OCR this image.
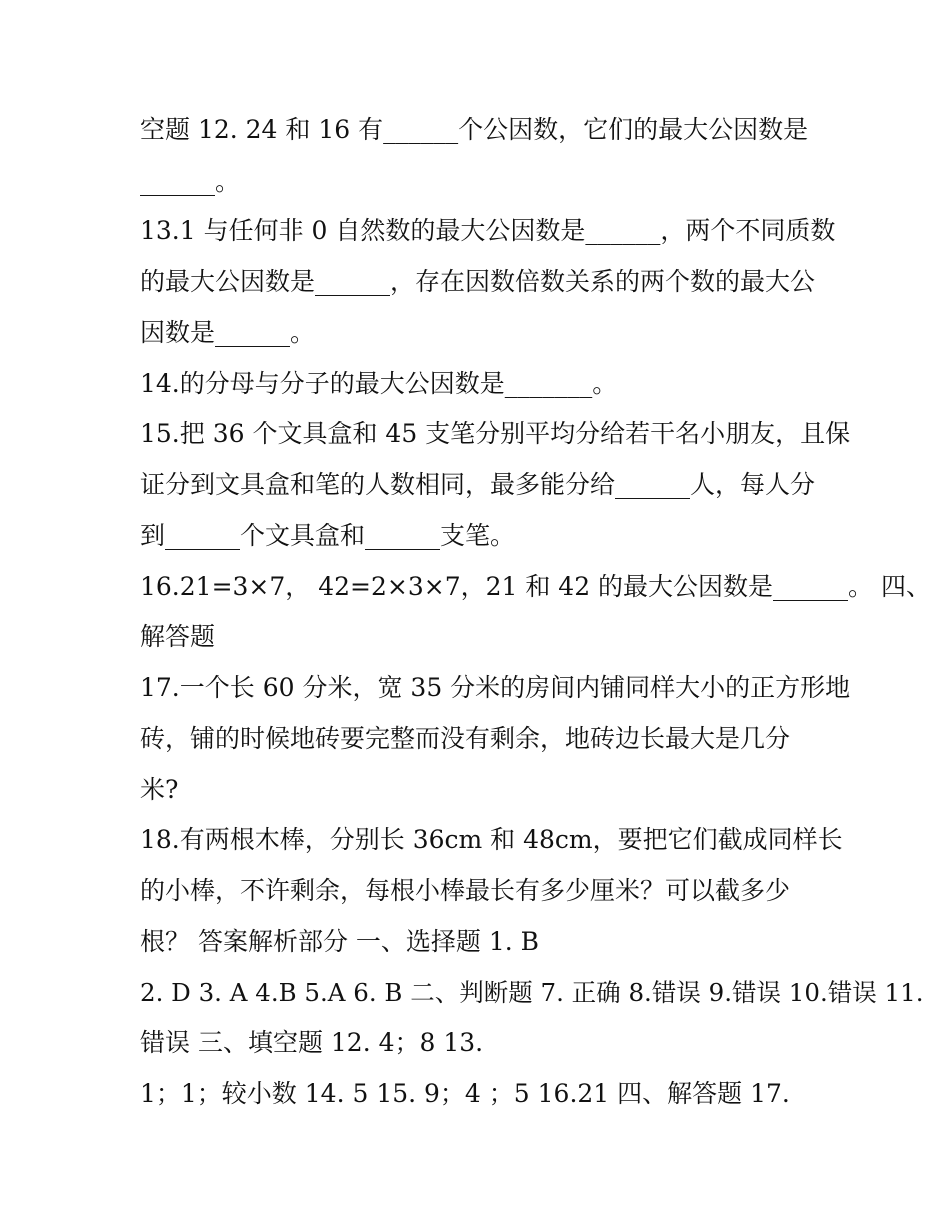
空题 12. 24 和 16 有______个公因数，它们的最大公因数是
______。
13.1 与任何非 0 自然数的最大公因数是______，两个不同质数
的最大公因数是______，存在因数倍数关系的两个数的最大公
因数是______。
14.的分母与分子的最大公因数是_______。
15.把 36 个文具盒和 45 支笔分别平均分给若干名小朋友，且保
证分到文具盒和笔的人数相同，最多能分给______人，每人分
到______个文具盒和______支笔。
16.21=3×7， 42=2×3×7，21 和 42 的最大公因数是______。 四、
解答题
17.一个长 60 分米，宽 35 分米的房间内铺同样大小的正方形地
砖，铺的时候地砖要完整而没有剩余，地砖边长最大是几分
米?
18.有两根木棒，分别长 36cm 和 48cm，要把它们截成同样长
的小棒，不许剩余，每根小棒最长有多少厘米？可以截多少
根？ 答案解析部分 一、选择题 1. B
2. D 3. A 4.B 5.A 6. B 二、判断题 7. 正确 8.错误 9.错误 10.错误 11.
错误 三、填空题 12. 4；8 13.
1；1；较小数 14. 5 15. 9；4 ；5 16.21 四、解答题 17.
